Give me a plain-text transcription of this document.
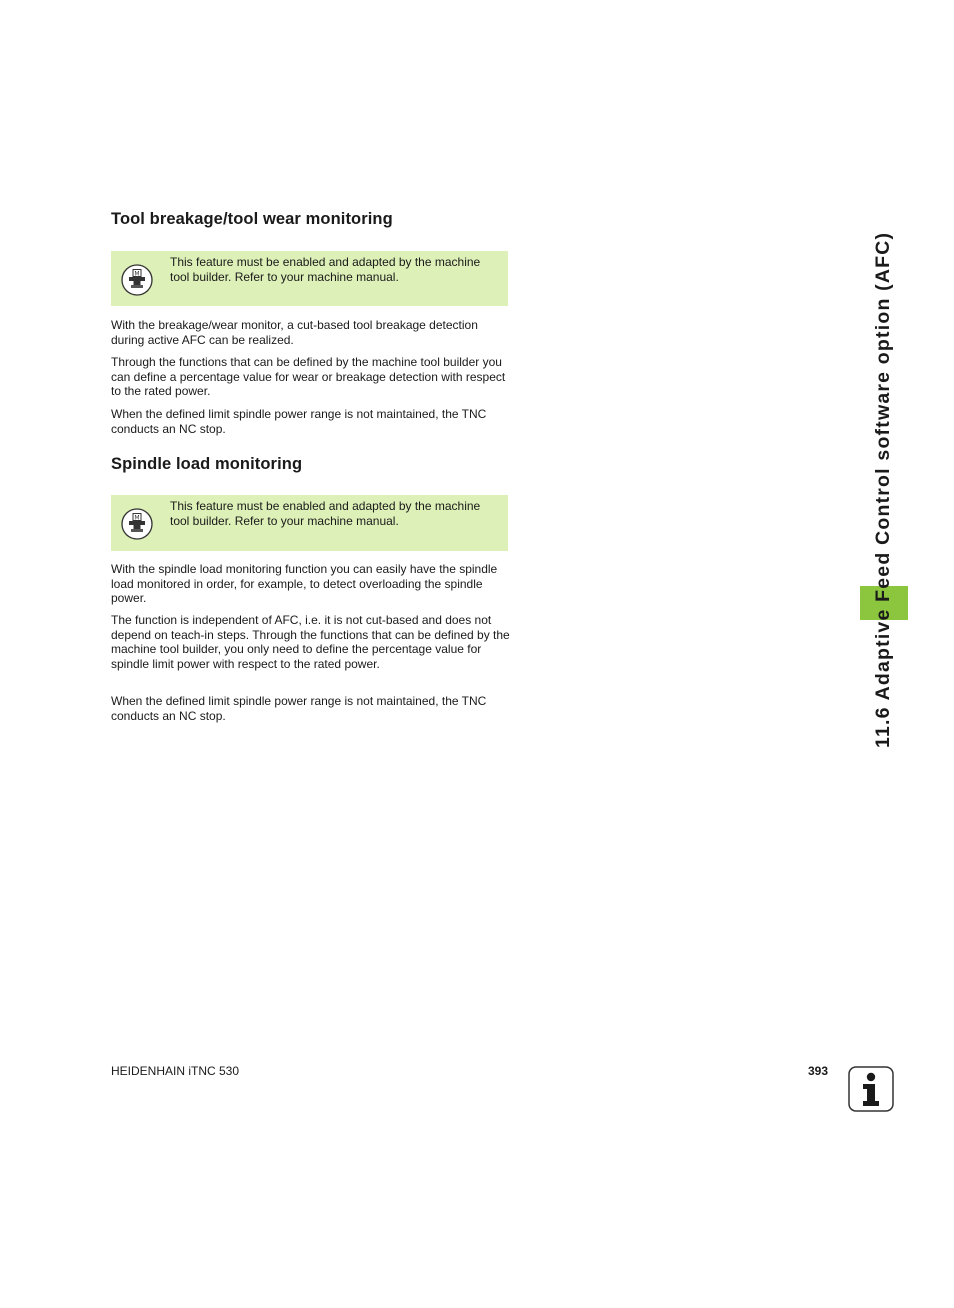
11.6 Adaptive Feed Control software option (AFC)
Tool breakage/tool wear monitoring
M

This feature must be enabled and adapted by the machine tool builder. Refer to your machine manual.

With the breakage/wear monitor, a cut-based tool breakage detection during active AFC can be realized.

Through the functions that can be defined by the machine tool builder you can define a percentage value for wear or breakage detection with respect to the rated power.

When the defined limit spindle power range is not maintained, the TNC conducts an NC stop.

Spindle load monitoring
M

This feature must be enabled and adapted by the machine tool builder. Refer to your machine manual.

With the spindle load monitoring function you can easily have the spindle load monitored in order, for example, to detect overloading the spindle power.

The function is independent of AFC, i.e. it is not cut-based and does not depend on teach-in steps. Through the functions that can be defined by the machine tool builder, you only need to define the percentage value for spindle limit power with respect to the rated power.

When the defined limit spindle power range is not maintained, the TNC conducts an NC stop.

HEIDENHAIN iTNC 530	393
